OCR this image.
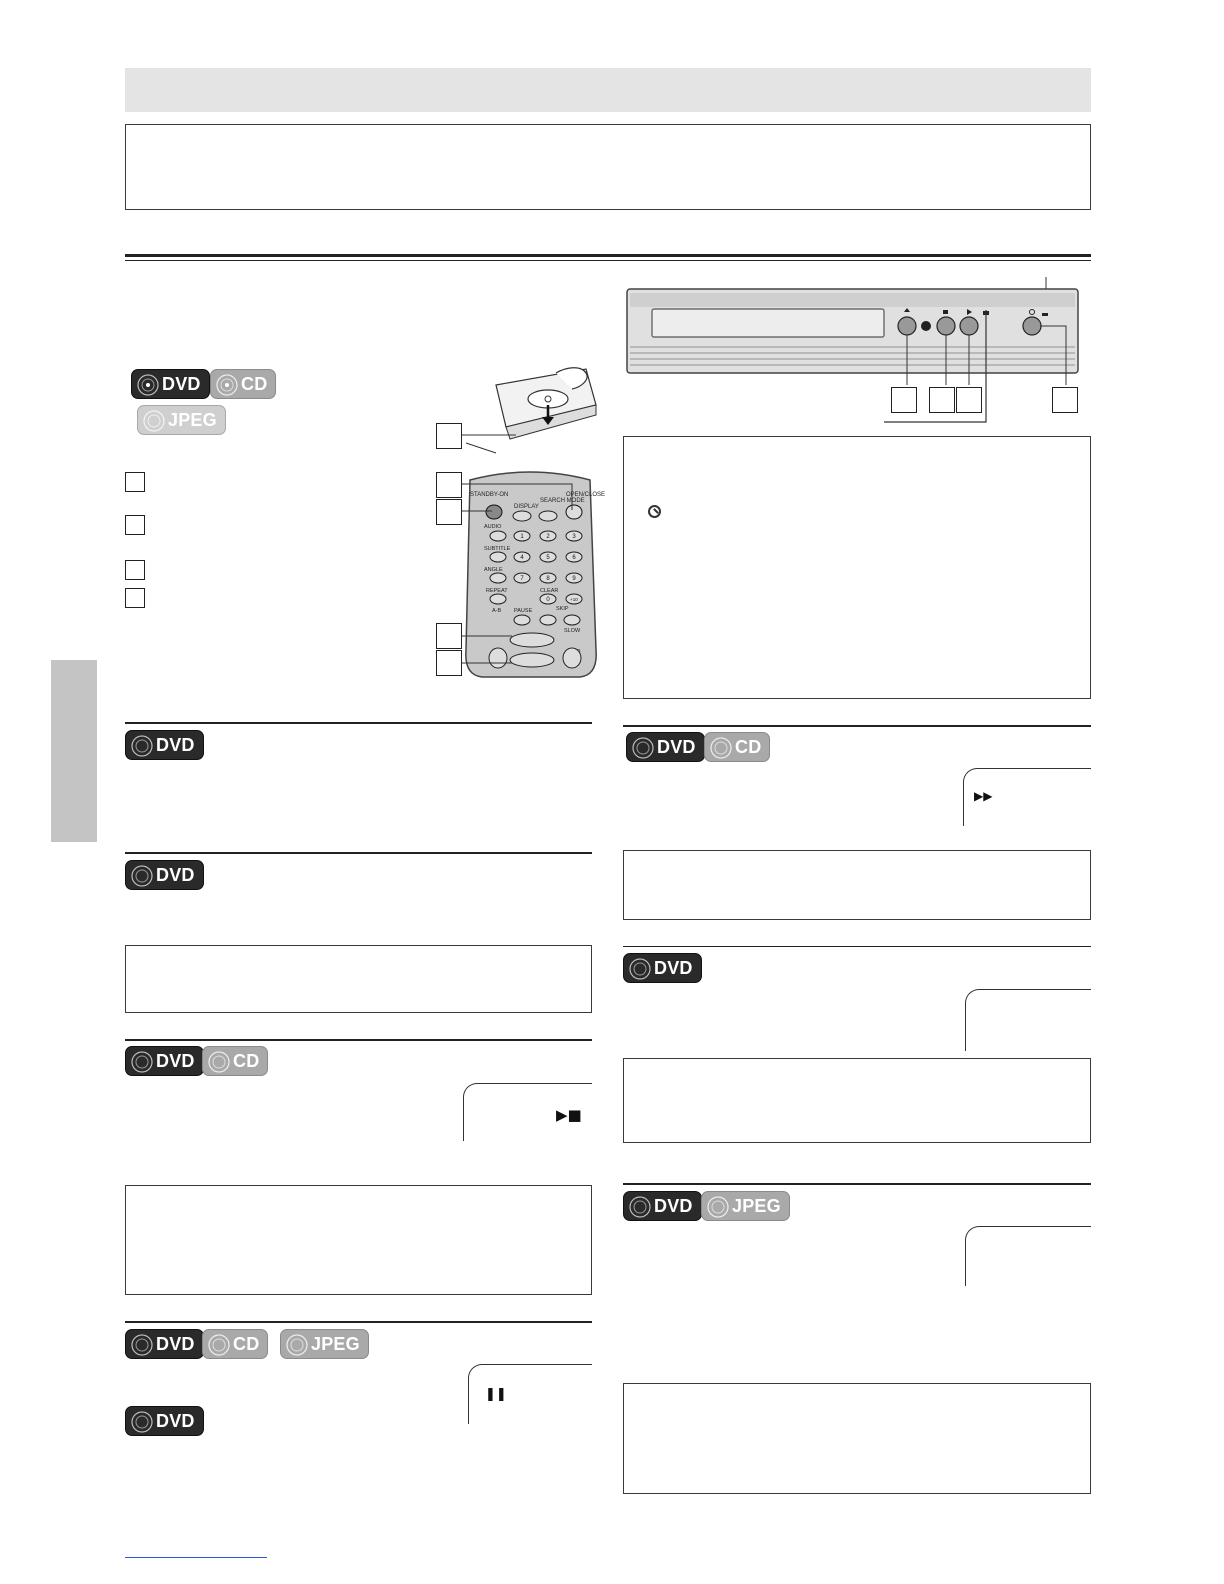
DVD CD
JPEG
STANDBY-ON
DISPLAY
SEARCH MODE
OPEN/CLOSE
AUDIO
SUBTITLE
ANGLE
REPEAT	CLEAR
A-B PAUSE	SKIP
SLOW
1	2	3
4	5	6
7	8	9
0	+10
DVD
DVD
DVD CD
▶■
DVD CD	JPEG
DVD
❚❚
DVD CD
▶▶
DVD
DVD JPEG
